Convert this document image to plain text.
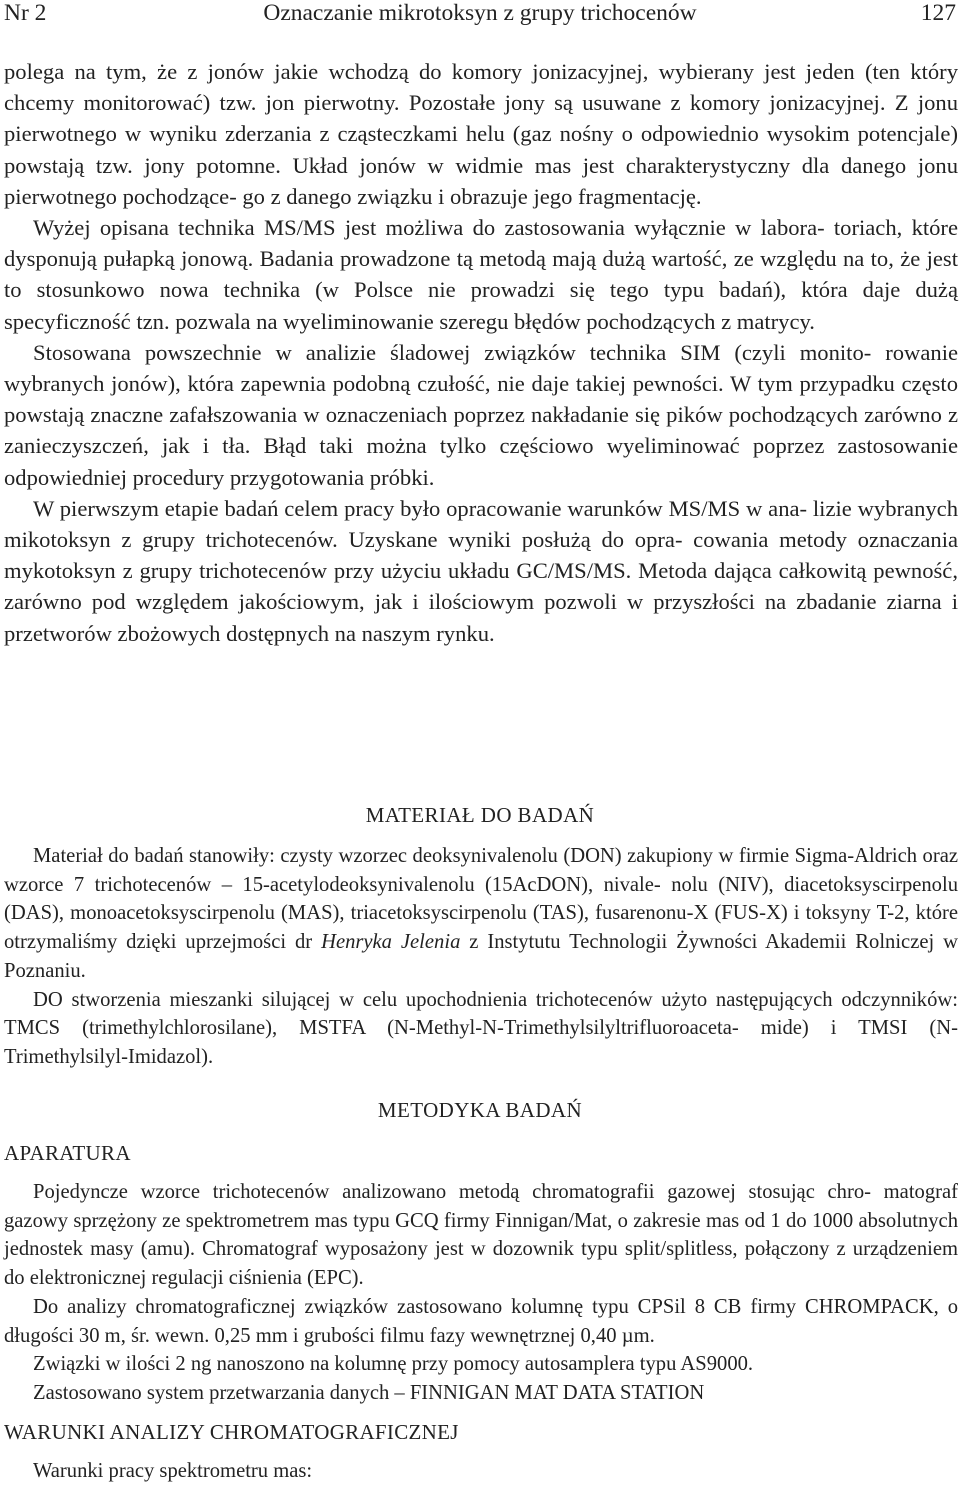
Oznaczanie mikrotoksyn z grupy trichocenów
Nr 2	127

polega na tym, że z jonów jakie wchodzą do komory jonizacyjnej, wybierany jest jeden (ten który chcemy monitorować) tzw. jon pierwotny. Pozostałe jony są usuwane z komory jonizacyjnej. Z jonu pierwotnego w wyniku zderzania z cząsteczkami helu (gaz nośny o odpowiednio wysokim potencjale) powstają tzw. jony potomne. Układ jonów w widmie mas jest charakterystyczny dla danego jonu pierwotnego pochodzące- go z danego związku i obrazuje jego fragmentację.

Wyżej opisana technika MS/MS jest możliwa do zastosowania wyłącznie w labora- toriach, które dysponują pułapką jonową. Badania prowadzone tą metodą mają dużą wartość, ze względu na to, że jest to stosunkowo nowa technika (w Polsce nie prowadzi się tego typu badań), która daje dużą specyficzność tzn. pozwala na wyeliminowanie szeregu błędów pochodzących z matrycy.

Stosowana powszechnie w analizie śladowej związków technika SIM (czyli monito- rowanie wybranych jonów), która zapewnia podobną czułość, nie daje takiej pewności. W tym przypadku często powstają znaczne zafałszowania w oznaczeniach poprzez nakładanie się pików pochodzących zarówno z zanieczyszczeń, jak i tła. Błąd taki można tylko częściowo wyeliminować poprzez zastosowanie odpowiedniej procedury przygotowania próbki.

W pierwszym etapie badań celem pracy było opracowanie warunków MS/MS w ana- lizie wybranych mikotoksyn z grupy trichotecenów. Uzyskane wyniki posłużą do opra- cowania metody oznaczania mykotoksyn z grupy trichotecenów przy użyciu układu GC/MS/MS. Metoda dająca całkowitą pewność, zarówno pod względem jakościowym, jak i ilościowym pozwoli w przyszłości na zbadanie ziarna i przetworów zbożowych dostępnych na naszym rynku.

MATERIAŁ DO BADAŃ

Materiał do badań stanowiły: czysty wzorzec deoksynivalenolu (DON) zakupiony w firmie Sigma-Aldrich oraz wzorce 7 trichotecenów – 15-acetylodeoksynivalenolu (15AcDON), nivale- nolu (NIV), diacetoksyscirpenolu (DAS), monoacetoksyscirpenolu (MAS), triacetoksyscirpenolu (TAS), fusarenonu-X (FUS-X) i toksyny T-2, które otrzymaliśmy dzięki uprzejmości dr Henryka Jelenia z Instytutu Technologii Żywności Akademii Rolniczej w Poznaniu.

DO stworzenia mieszanki silującej w celu upochodnienia trichotecenów użyto następujących odczynników: TMCS (trimethylchlorosilane), MSTFA (N-Methyl-N-Trimethylsilyltrifluoroaceta- mide) i TMSI (N-Trimethylsilyl-Imidazol).

METODYKA BADAŃ
APARATURA

Pojedyncze wzorce trichotecenów analizowano metodą chromatografii gazowej stosując chro- matograf gazowy sprzężony ze spektrometrem mas typu GCQ firmy Finnigan/Mat, o zakresie mas od 1 do 1000 absolutnych jednostek masy (amu). Chromatograf wyposażony jest w dozownik typu split/splitless, połączony z urządzeniem do elektronicznej regulacji ciśnienia (EPC).

Do analizy chromatograficznej związków zastosowano kolumnę typu CPSil 8 CB firmy CHROMPACK, o długości 30 m, śr. wewn. 0,25 mm i grubości filmu fazy wewnętrznej 0,40 µm.

Związki w ilości 2 ng nanoszono na kolumnę przy pomocy autosamplera typu AS9000.

Zastosowano system przetwarzania danych – FINNIGAN MAT DATA STATION

WARUNKI ANALIZY CHROMATOGRAFICZNEJ

Warunki pracy spektrometru mas:
